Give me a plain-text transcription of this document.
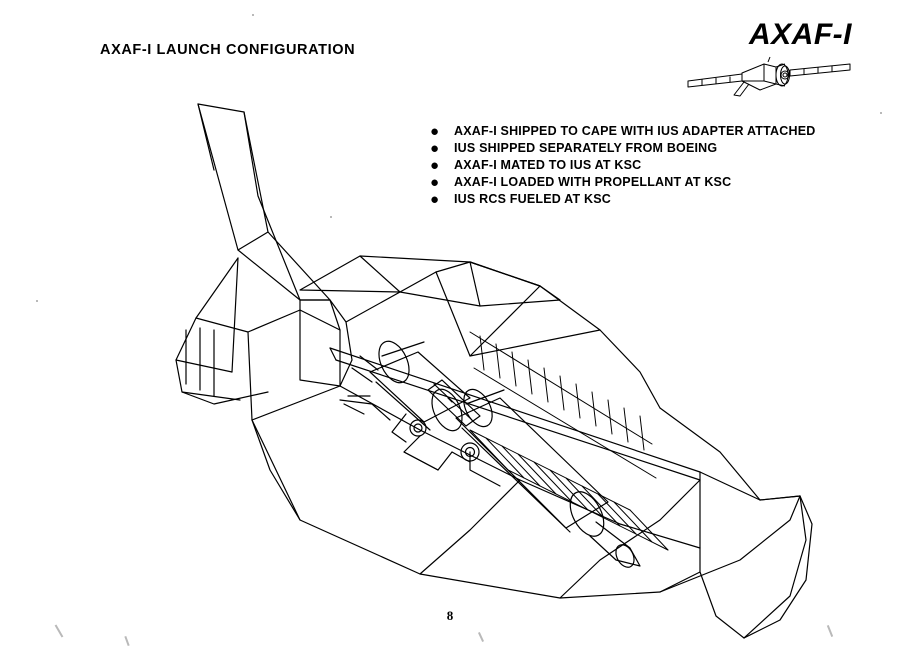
AXAF-I LAUNCH CONFIGURATION	AXAF-I
●	AXAF-I SHIPPED TO CAPE WITH IUS ADAPTER ATTACHED
●	IUS SHIPPED SEPARATELY FROM BOEING
●	AXAF-I MATED TO IUS AT KSC
●	AXAF-I LOADED WITH PROPELLANT AT KSC
●	IUS RCS FUELED AT KSC
8
